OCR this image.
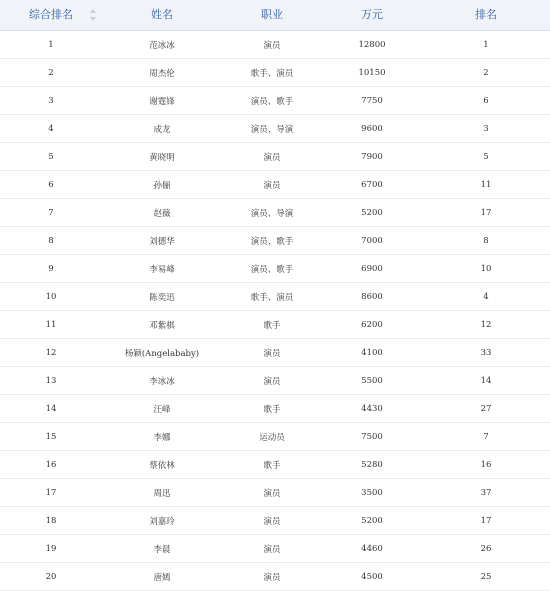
综合排名	姓名	职业	万元	排名
1	范冰冰	演员	12800	1
2	周杰伦	歌手、演员	10150	2
3	谢霆锋	演员、歌手	7750	6
4	成龙	演员、导演	9600	3
5	黄晓明	演员	7900	5
6	孙俪	演员	6700	11
7	赵薇	演员、导演	5200	17
8	刘德华	演员、歌手	7000	8
9	李易峰	演员、歌手	6900	10
10	陈奕迅	歌手、演员	8600	4
11	邓紫棋	歌手	6200	12
12	杨颖(Angelababy)	演员	4100	33
13	李冰冰	演员	5500	14
14	汪峰	歌手	4430	27
15	李娜	运动员	7500	7
16	蔡依林	歌手	5280	16
17	周迅	演员	3500	37
18	刘嘉玲	演员	5200	17
19	李晨	演员	4460	26
20	唐嫣	演员	4500	25
